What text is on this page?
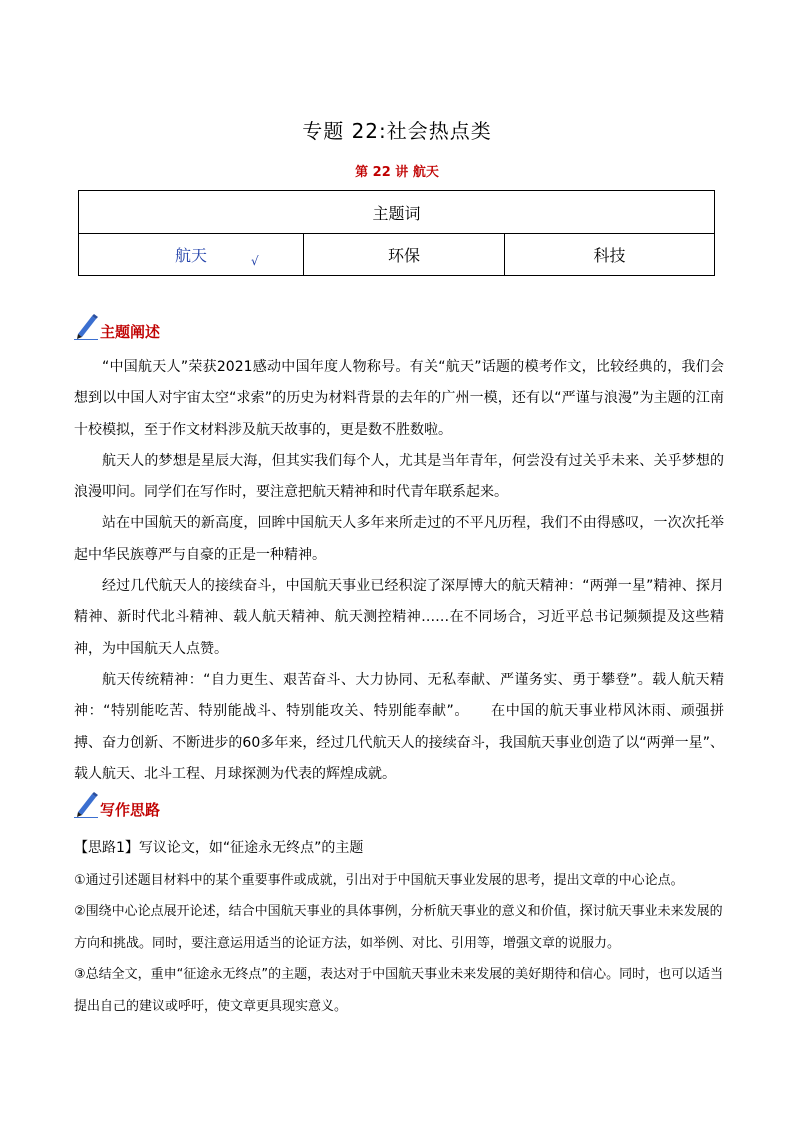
专题 22:社会热点类
第 22 讲 航天
主题词
航天	√	环保	科技
主题阐述

“中国航天人”荣获2021感动中国年度人物称号。有关“航天”话题的模考作文，比较经典的，我们会想到以中国人对宇宙太空“求索”的历史为材料背景的去年的广州一模，还有以“严谨与浪漫”为主题的江南十校模拟，至于作文材料涉及航天故事的，更是数不胜数啦。

航天人的梦想是星辰大海，但其实我们每个人，尤其是当年青年，何尝没有过关乎未来、关乎梦想的浪漫叩问。同学们在写作时，要注意把航天精神和时代青年联系起来。

站在中国航天的新高度，回眸中国航天人多年来所走过的不平凡历程，我们不由得感叹，一次次托举起中华民族尊严与自豪的正是一种精神。

经过几代航天人的接续奋斗，中国航天事业已经积淀了深厚博大的航天精神：“两弹一星”精神、探月精神、新时代北斗精神、载人航天精神、航天测控精神……在不同场合，习近平总书记频频提及这些精神，为中国航天人点赞。

航天传统精神：“自力更生、艰苦奋斗、大力协同、无私奉献、严谨务实、勇于攀登”。载人航天精神：“特别能吃苦、特别能战斗、特别能攻关、特别能奉献”。　　在中国的航天事业栉风沐雨、顽强拼搏、奋力创新、不断进步的60多年来，经过几代航天人的接续奋斗，我国航天事业创造了以“两弹一星”、载人航天、北斗工程、月球探测为代表的辉煌成就。

写作思路

【思路1】写议论文，如“征途永无终点”的主题

①通过引述题目材料中的某个重要事件或成就，引出对于中国航天事业发展的思考，提出文章的中心论点。

②围绕中心论点展开论述，结合中国航天事业的具体事例，分析航天事业的意义和价值，探讨航天事业未来发展的方向和挑战。同时，要注意运用适当的论证方法，如举例、对比、引用等，增强文章的说服力。

③总结全文，重申“征途永无终点”的主题，表达对于中国航天事业未来发展的美好期待和信心。同时，也可以适当提出自己的建议或呼吁，使文章更具现实意义。
